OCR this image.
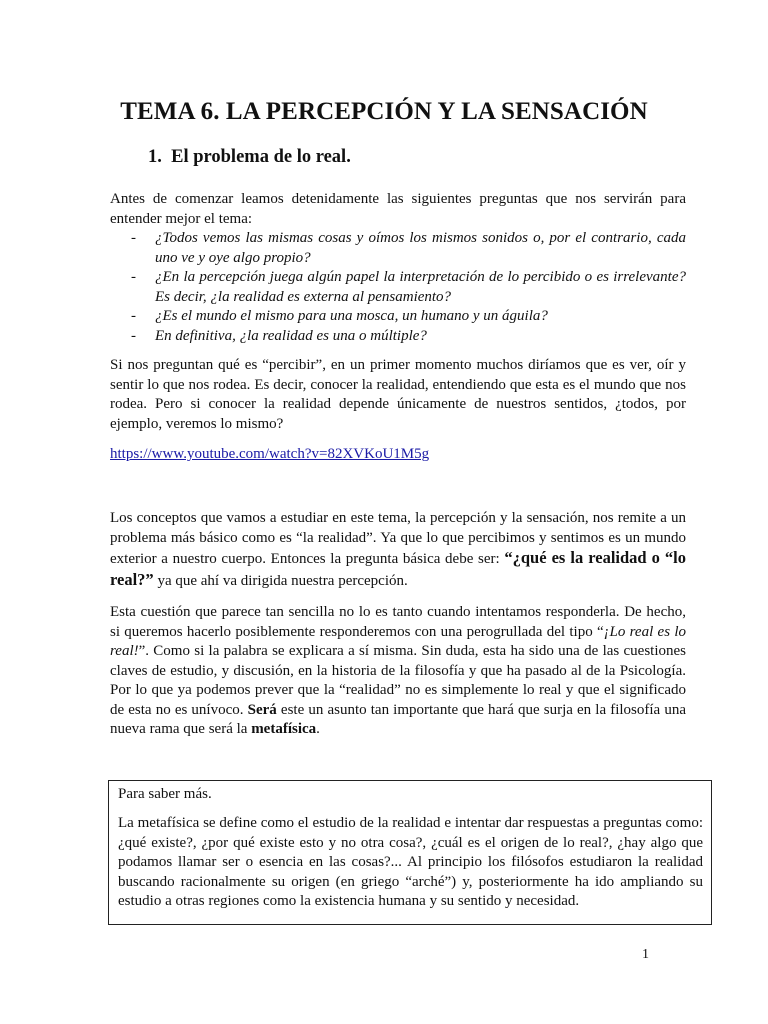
TEMA 6. LA PERCEPCIÓN Y LA SENSACIÓN
1. El problema de lo real.

Antes de comenzar leamos detenidamente las siguientes preguntas que nos servirán para entender mejor el tema:

- ¿Todos vemos las mismas cosas y oímos los mismos sonidos o, por el contrario, cada uno ve y oye algo propio?
- ¿En la percepción juega algún papel la interpretación de lo percibido o es irrelevante? Es decir, ¿la realidad es externa al pensamiento?
- ¿Es el mundo el mismo para una mosca, un humano y un águila?
- En definitiva, ¿la realidad es una o múltiple?

Si nos preguntan qué es “percibir”, en un primer momento muchos diríamos que es ver, oír y sentir lo que nos rodea. Es decir, conocer la realidad, entendiendo que esta es el mundo que nos rodea. Pero si conocer la realidad depende únicamente de nuestros sentidos, ¿todos, por ejemplo, veremos lo mismo?

https://www.youtube.com/watch?v=82XVKoU1M5g

Los conceptos que vamos a estudiar en este tema, la percepción y la sensación, nos remite a un problema más básico como es “la realidad”. Ya que lo que percibimos y sentimos es un mundo exterior a nuestro cuerpo. Entonces la pregunta básica debe ser: “¿qué es la realidad o “lo real?” ya que ahí va dirigida nuestra percepción.

Esta cuestión que parece tan sencilla no lo es tanto cuando intentamos responderla. De hecho, si queremos hacerlo posiblemente responderemos con una perogrullada del tipo “¡Lo real es lo real!”. Como si la palabra se explicara a sí misma. Sin duda, esta ha sido una de las cuestiones claves de estudio, y discusión, en la historia de la filosofía y que ha pasado al de la Psicología. Por lo que ya podemos prever que la “realidad” no es simplemente lo real y que el significado de esta no es unívoco. Será este un asunto tan importante que hará que surja en la filosofía una nueva rama que será la metafísica.

Para saber más.
La metafísica se define como el estudio de la realidad e intentar dar respuestas a preguntas como: ¿qué existe?, ¿por qué existe esto y no otra cosa?, ¿cuál es el origen de lo real?, ¿hay algo que podamos llamar ser o esencia en las cosas?... Al principio los filósofos estudiaron la realidad buscando racionalmente su origen (en griego “arché”) y, posteriormente ha ido ampliando su estudio a otras regiones como la existencia humana y su sentido y necesidad.
1
